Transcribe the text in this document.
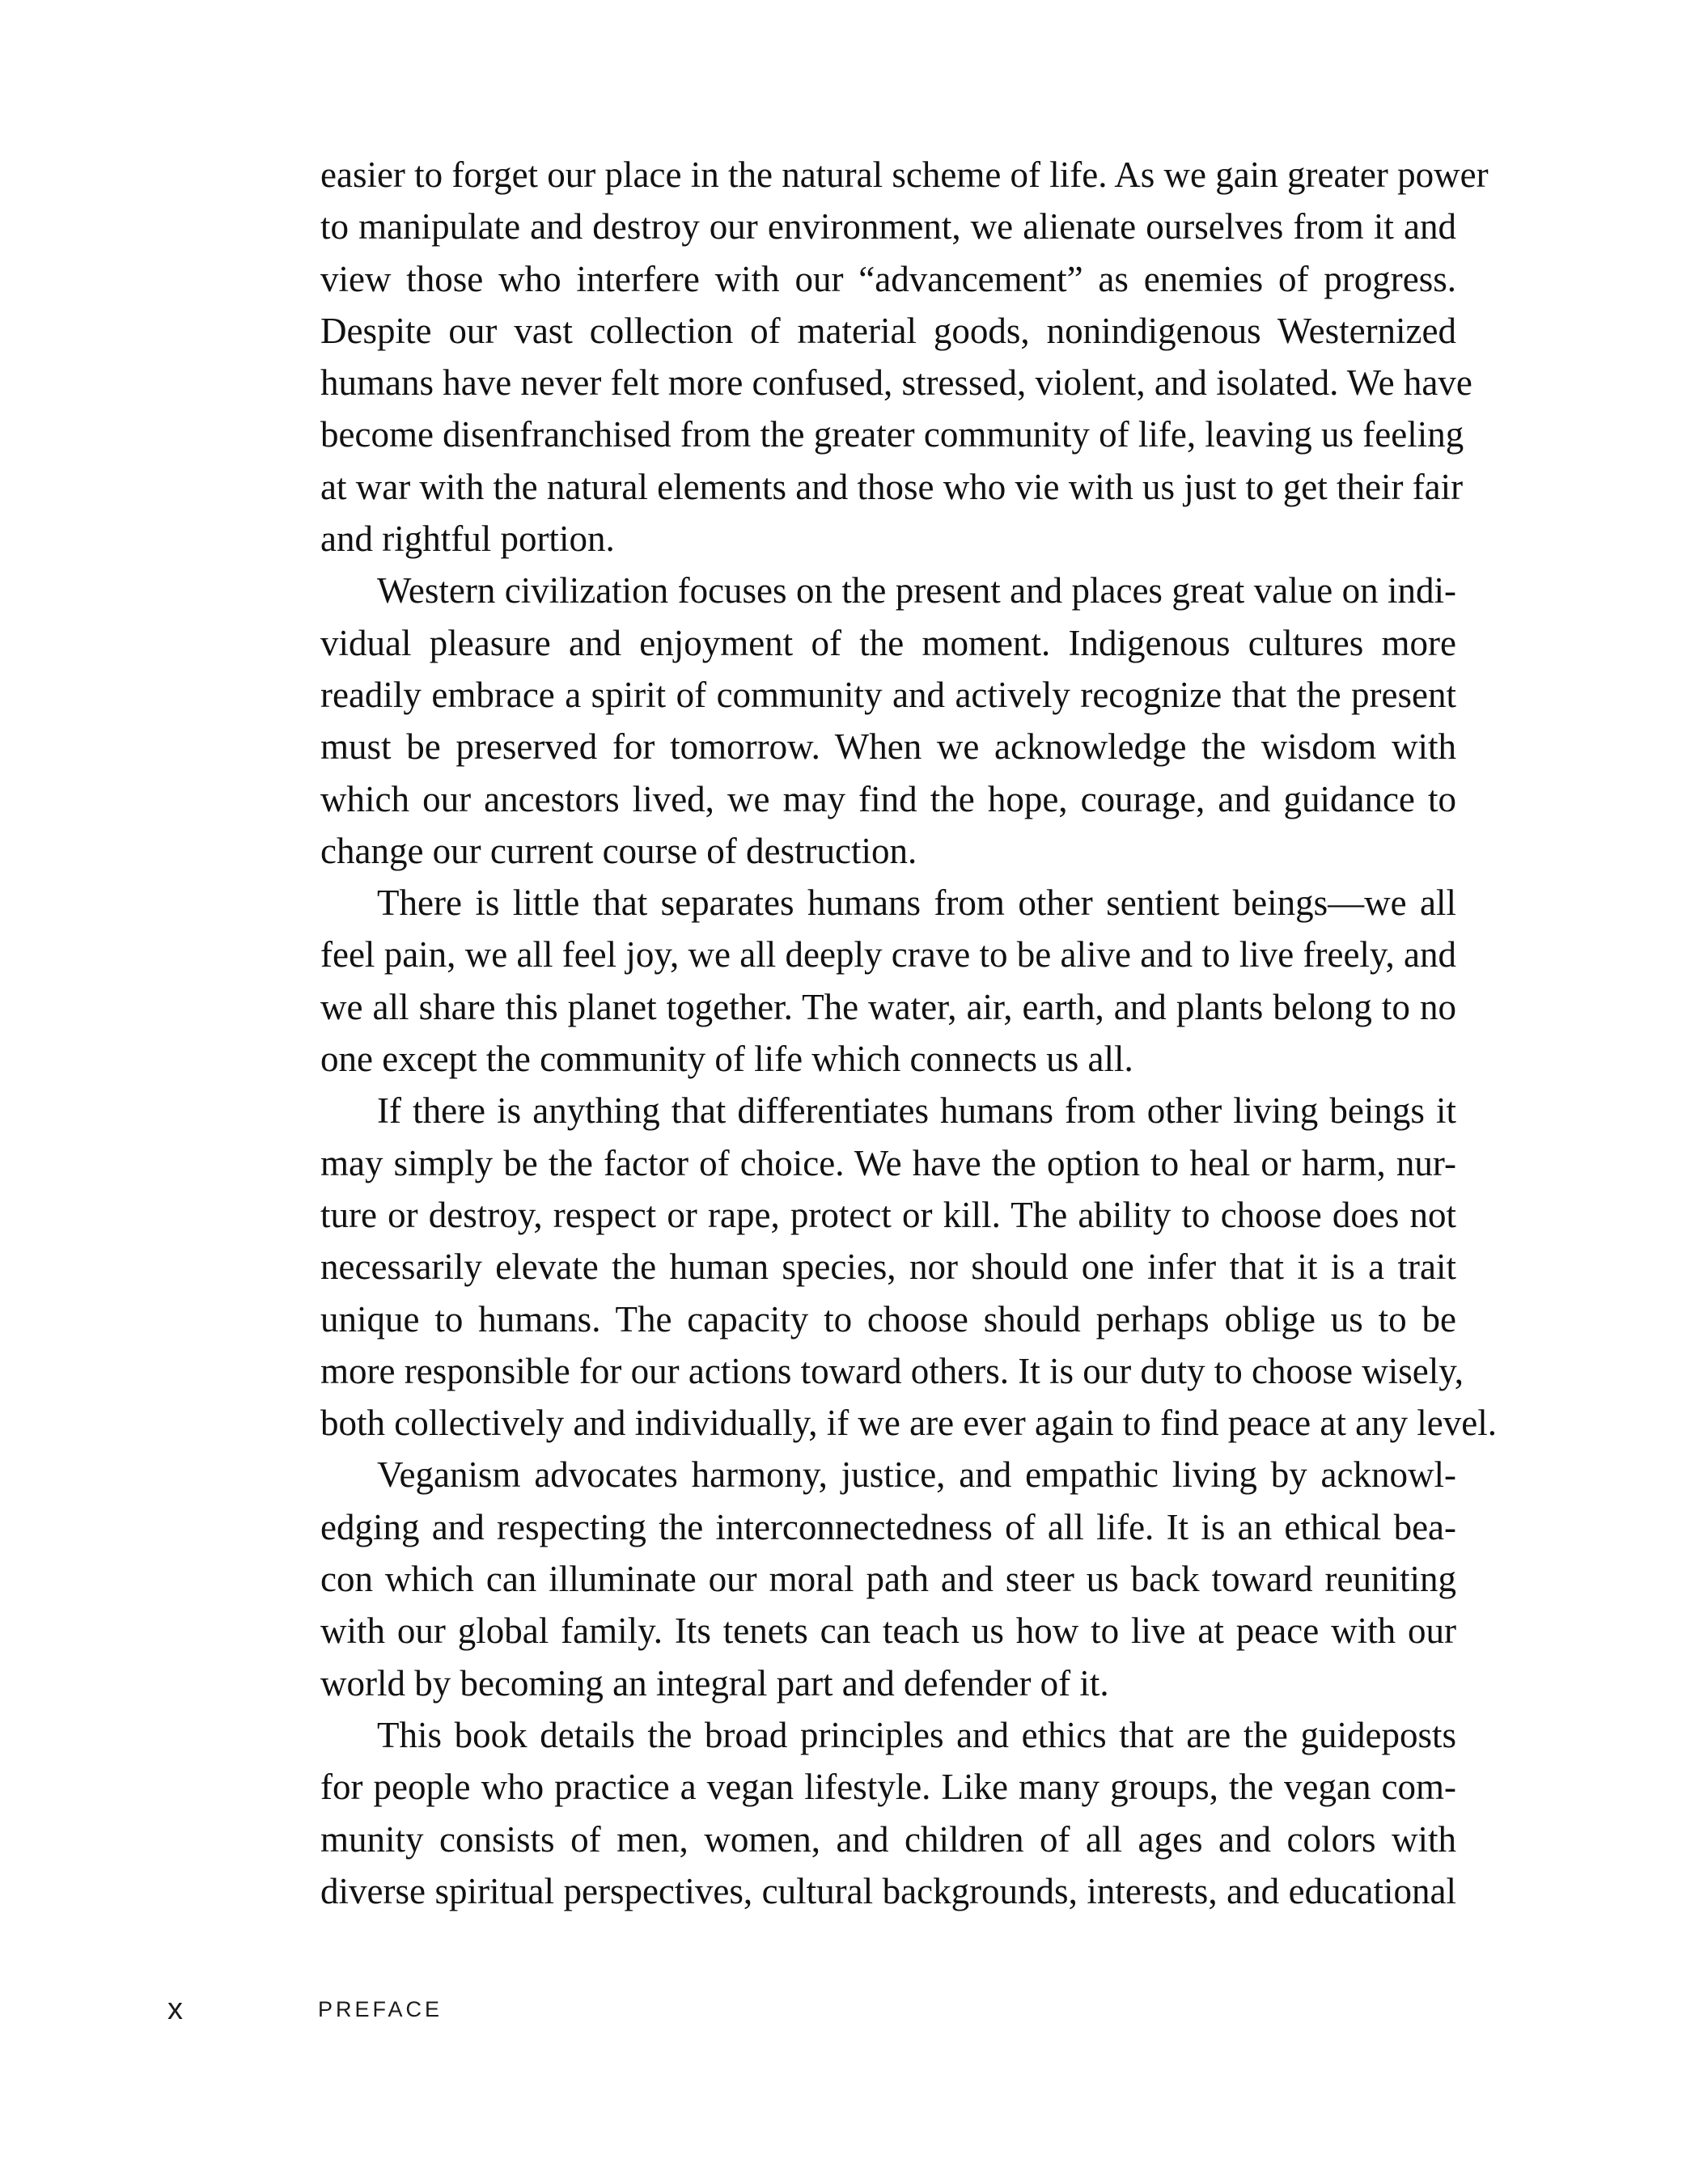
easier to forget our place in the natural scheme of life. As we gain greater power
to manipulate and destroy our environment, we alienate ourselves from it and
view those who interfere with our “advancement” as enemies of progress.
Despite our vast collection of material goods, nonindigenous Westernized
humans have never felt more confused, stressed, violent, and isolated. We have
become disenfranchised from the greater community of life, leaving us feeling
at war with the natural elements and those who vie with us just to get their fair
and rightful portion.
Western civilization focuses on the present and places great value on indi-
vidual pleasure and enjoyment of the moment. Indigenous cultures more
readily embrace a spirit of community and actively recognize that the present
must be preserved for tomorrow. When we acknowledge the wisdom with
which our ancestors lived, we may find the hope, courage, and guidance to
change our current course of destruction.
There is little that separates humans from other sentient beings—we all
feel pain, we all feel joy, we all deeply crave to be alive and to live freely, and
we all share this planet together. The water, air, earth, and plants belong to no
one except the community of life which connects us all.
If there is anything that differentiates humans from other living beings it
may simply be the factor of choice. We have the option to heal or harm, nur-
ture or destroy, respect or rape, protect or kill. The ability to choose does not
necessarily elevate the human species, nor should one infer that it is a trait
unique to humans. The capacity to choose should perhaps oblige us to be
more responsible for our actions toward others. It is our duty to choose wisely,
both collectively and individually, if we are ever again to find peace at any level.
Veganism advocates harmony, justice, and empathic living by acknowl-
edging and respecting the interconnectedness of all life. It is an ethical bea-
con which can illuminate our moral path and steer us back toward reuniting
with our global family. Its tenets can teach us how to live at peace with our
world by becoming an integral part and defender of it.
This book details the broad principles and ethics that are the guideposts
for people who practice a vegan lifestyle. Like many groups, the vegan com-
munity consists of men, women, and children of all ages and colors with
diverse spiritual perspectives, cultural backgrounds, interests, and educational
x	PREFACE
